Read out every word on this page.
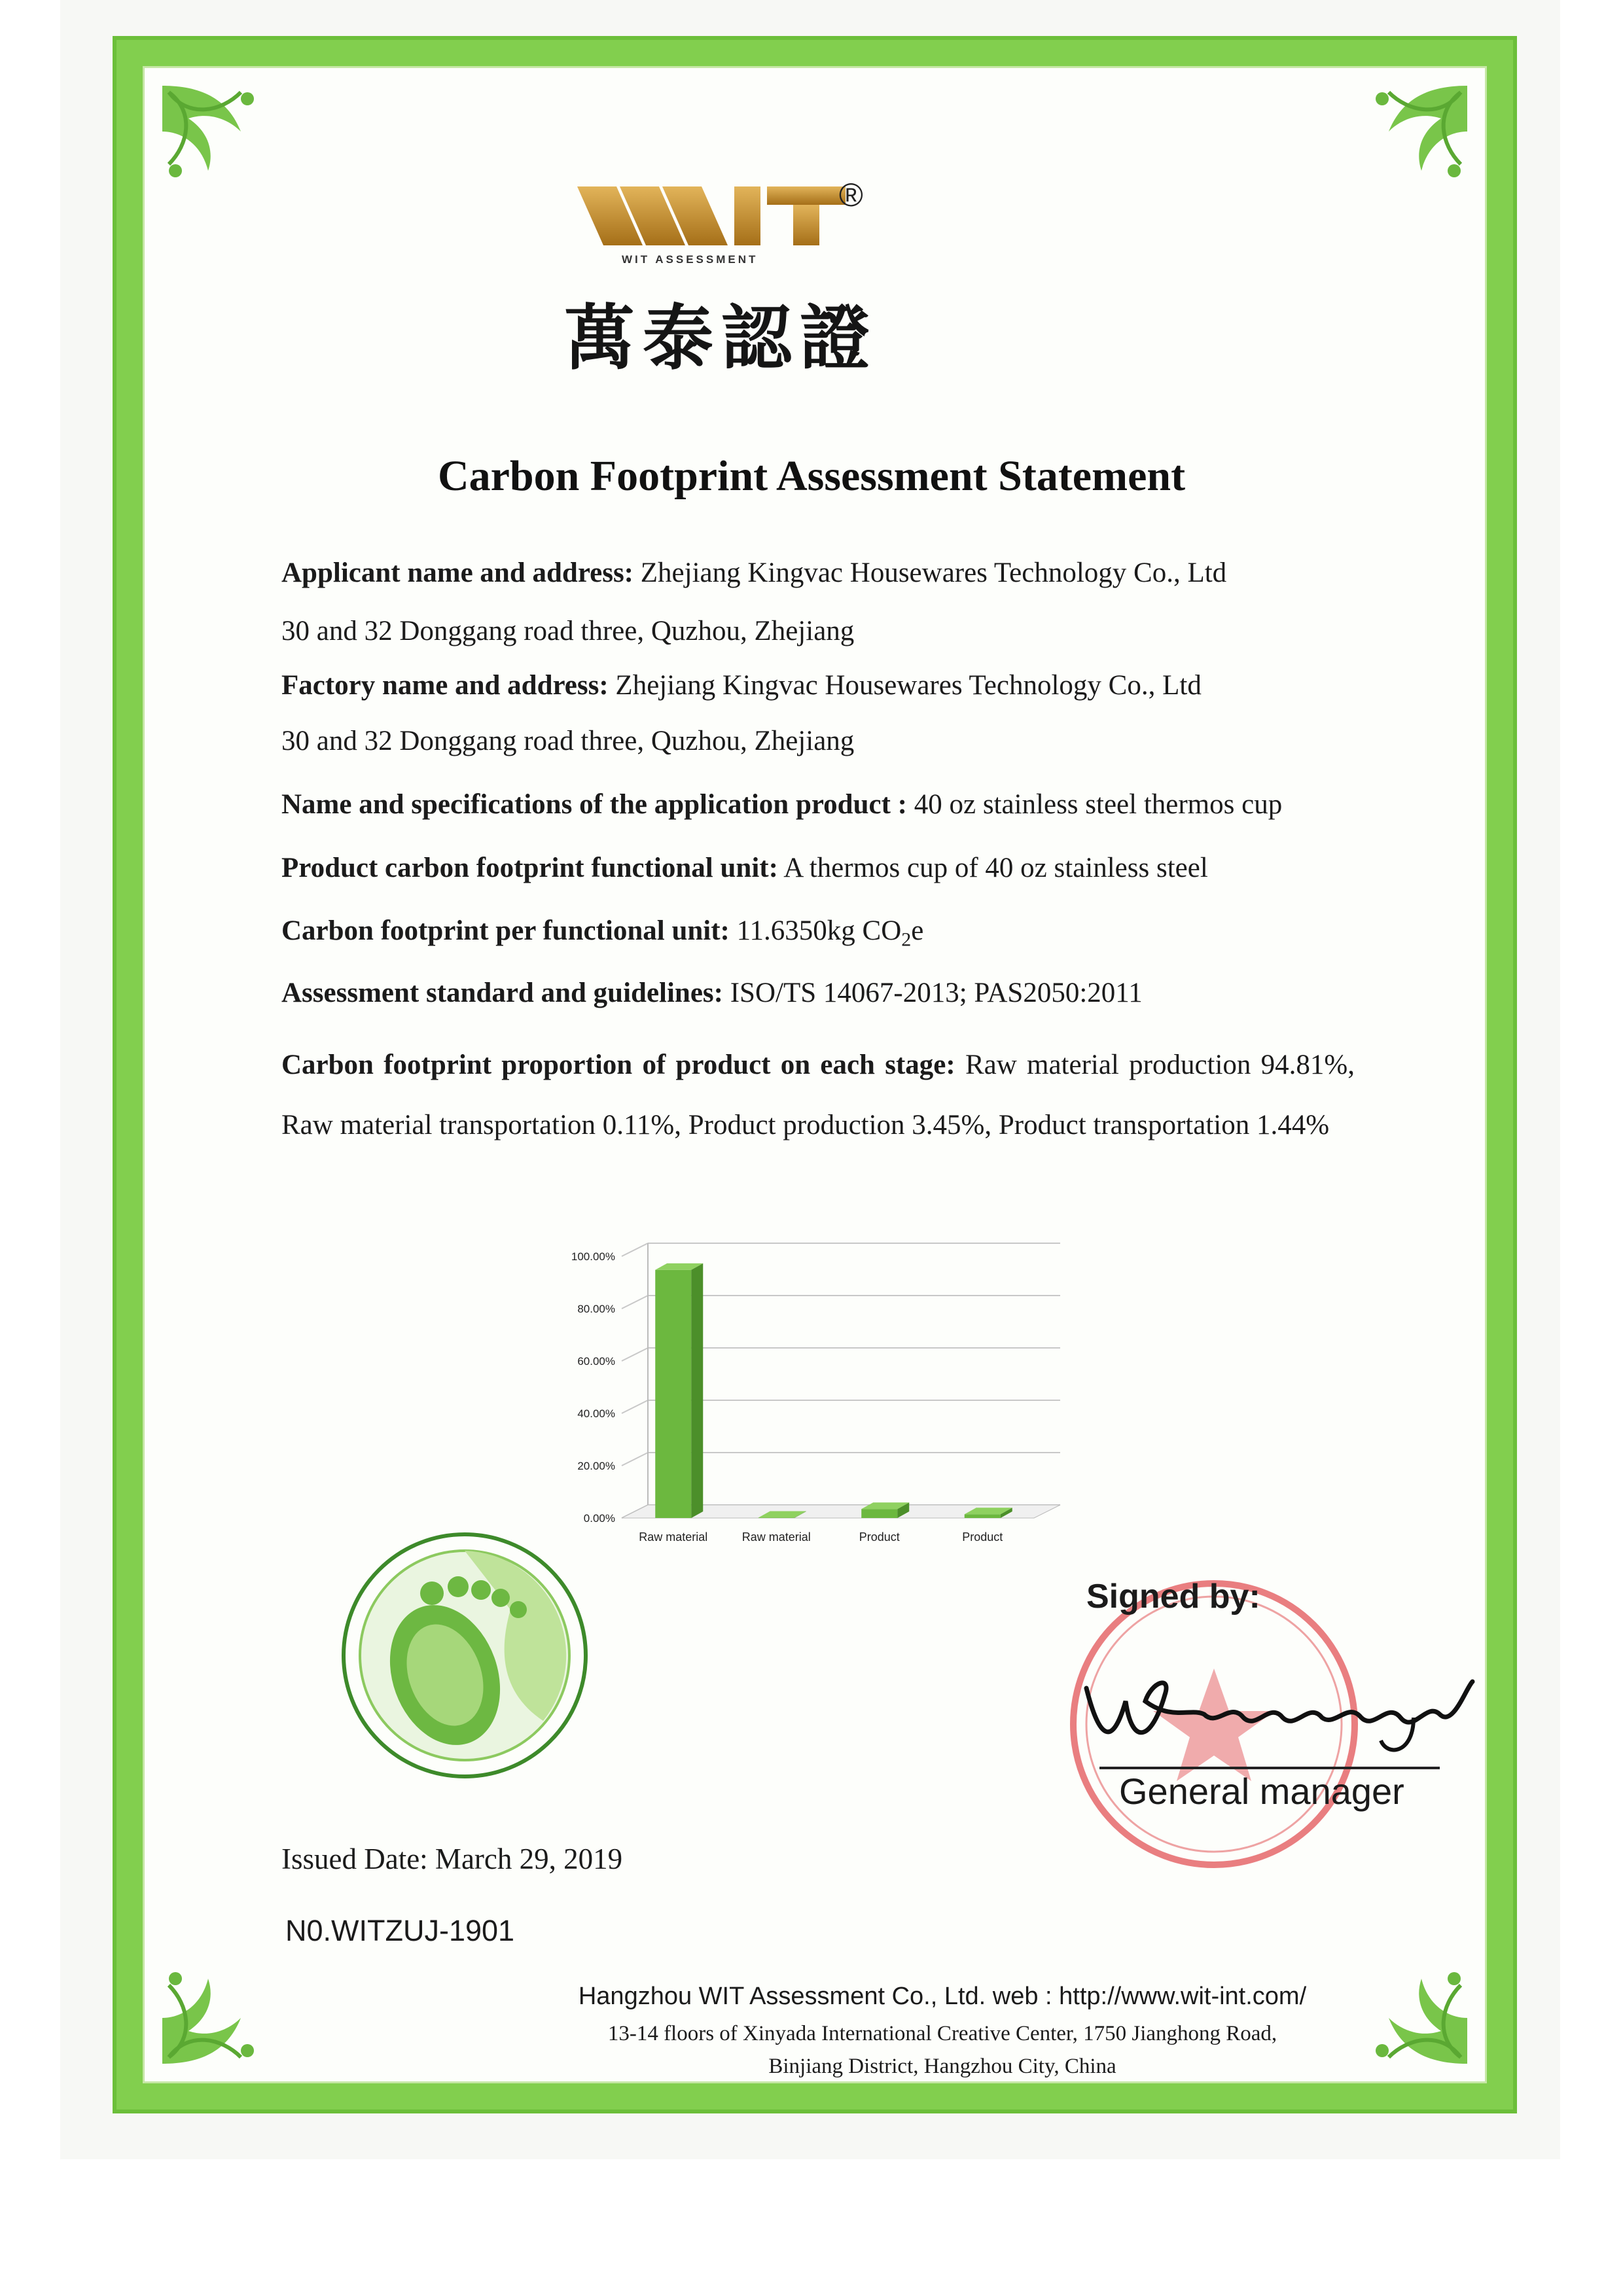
®
WIT ASSESSMENT
萬泰認證
Carbon Footprint Assessment Statement
Applicant name and address: Zhejiang Kingvac Housewares Technology Co., Ltd
30 and 32 Donggang road three, Quzhou, Zhejiang
Factory name and address: Zhejiang Kingvac Housewares Technology Co., Ltd
30 and 32 Donggang road three, Quzhou, Zhejiang
Name and specifications of the application product : 40 oz stainless steel thermos cup
Product carbon footprint functional unit: A thermos cup of 40 oz stainless steel
Carbon footprint per functional unit: 11.6350kg $CO_2e$
Assessment standard and guidelines: ISO/TS 14067-2013; PAS2050:2011
Carbon footprint proportion of product on each stage: Raw material production 94.81%, Raw material transportation 0.11%, Product production 3.45%, Product transportation 1.44%
0.00%
20.00%
40.00%
60.00%
80.00%
100.00%
Raw material	Raw material	Product	Product
Signed by:
General manager
Issued Date: March 29, 2019
N0.WITZUJ-1901
Hangzhou WIT Assessment Co., Ltd. web : http://www.wit-int.com/
13-14 floors of Xinyada International Creative Center, 1750 Jianghong Road,
Binjiang District, Hangzhou City, China
